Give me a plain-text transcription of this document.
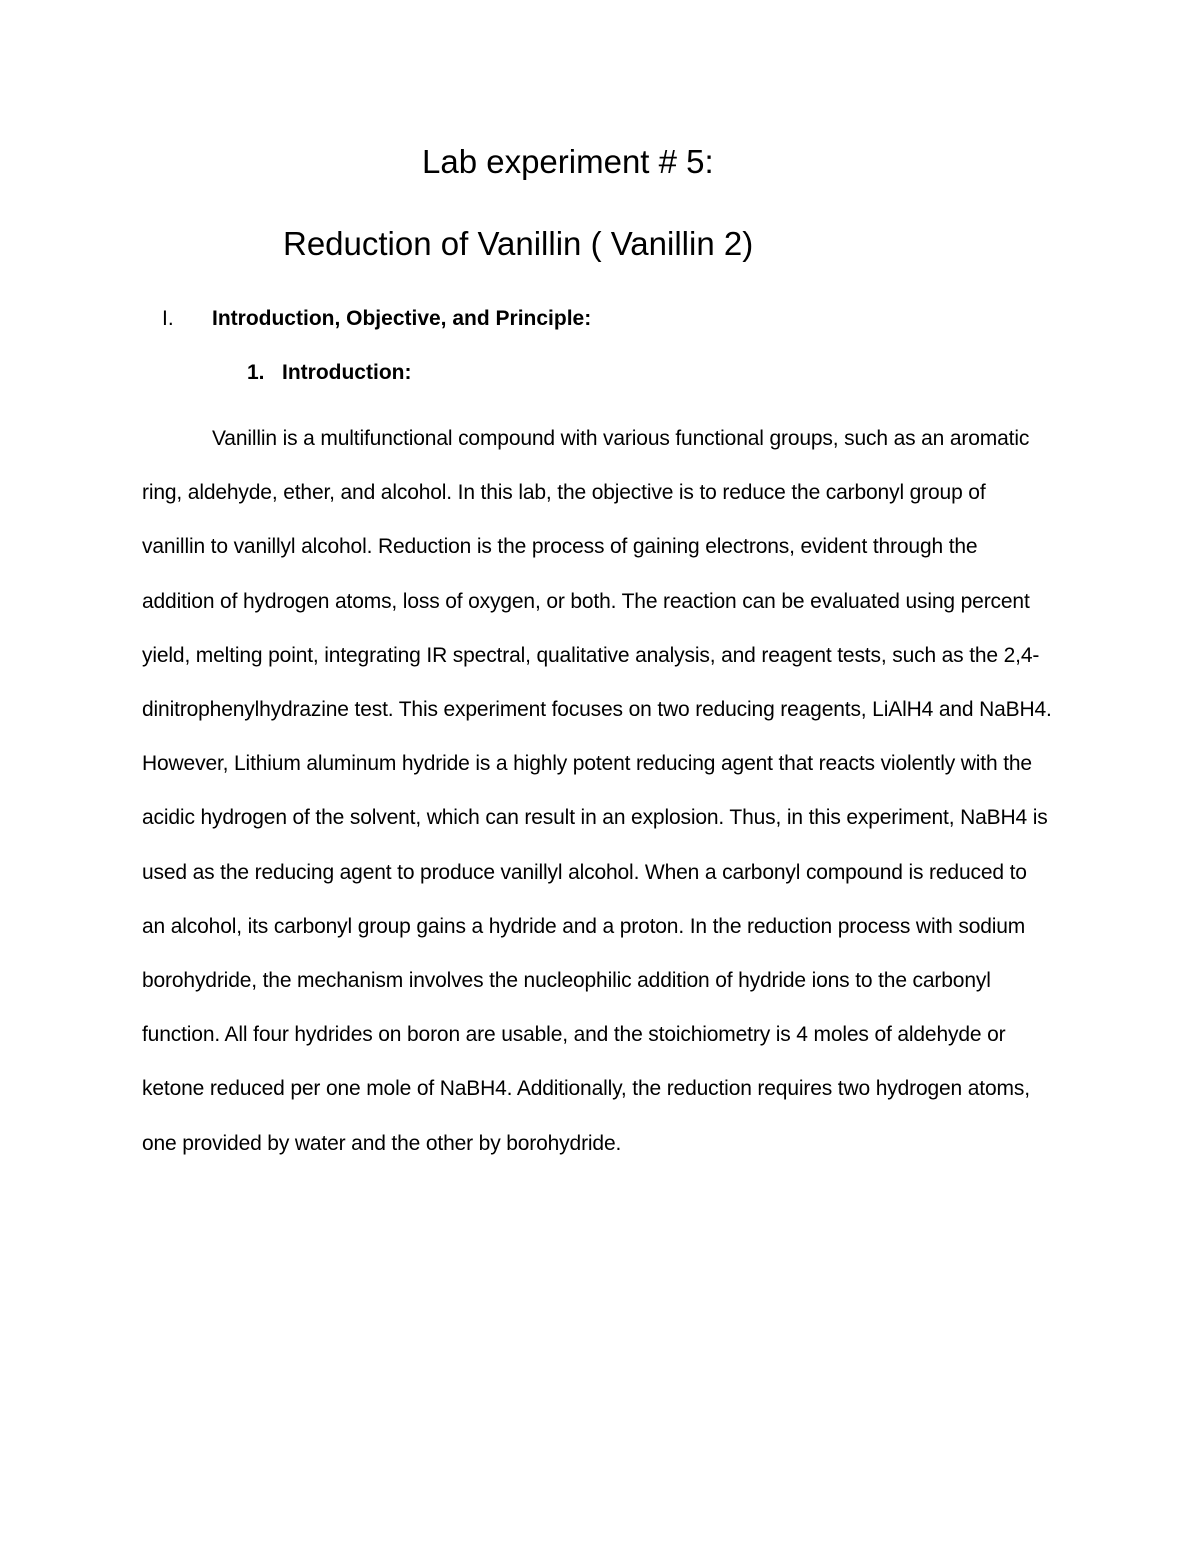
Lab experiment # 5:
Reduction of Vanillin ( Vanillin 2)
I. Introduction, Objective, and Principle:
1. Introduction:

Vanillin is a multifunctional compound with various functional groups, such as an aromatic ring, aldehyde, ether, and alcohol. In this lab, the objective is to reduce the carbonyl group of vanillin to vanillyl alcohol. Reduction is the process of gaining electrons, evident through the addition of hydrogen atoms, loss of oxygen, or both. The reaction can be evaluated using percent yield, melting point, integrating IR spectral, qualitative analysis, and reagent tests, such as the 2,4-dinitrophenylhydrazine test. This experiment focuses on two reducing reagents, LiAlH4 and NaBH4. However, Lithium aluminum hydride is a highly potent reducing agent that reacts violently with the acidic hydrogen of the solvent, which can result in an explosion. Thus, in this experiment, NaBH4 is used as the reducing agent to produce vanillyl alcohol. When a carbonyl compound is reduced to an alcohol, its carbonyl group gains a hydride and a proton. In the reduction process with sodium borohydride, the mechanism involves the nucleophilic addition of hydride ions to the carbonyl function. All four hydrides on boron are usable, and the stoichiometry is 4 moles of aldehyde or ketone reduced per one mole of NaBH4. Additionally, the reduction requires two hydrogen atoms, one provided by water and the other by borohydride.
